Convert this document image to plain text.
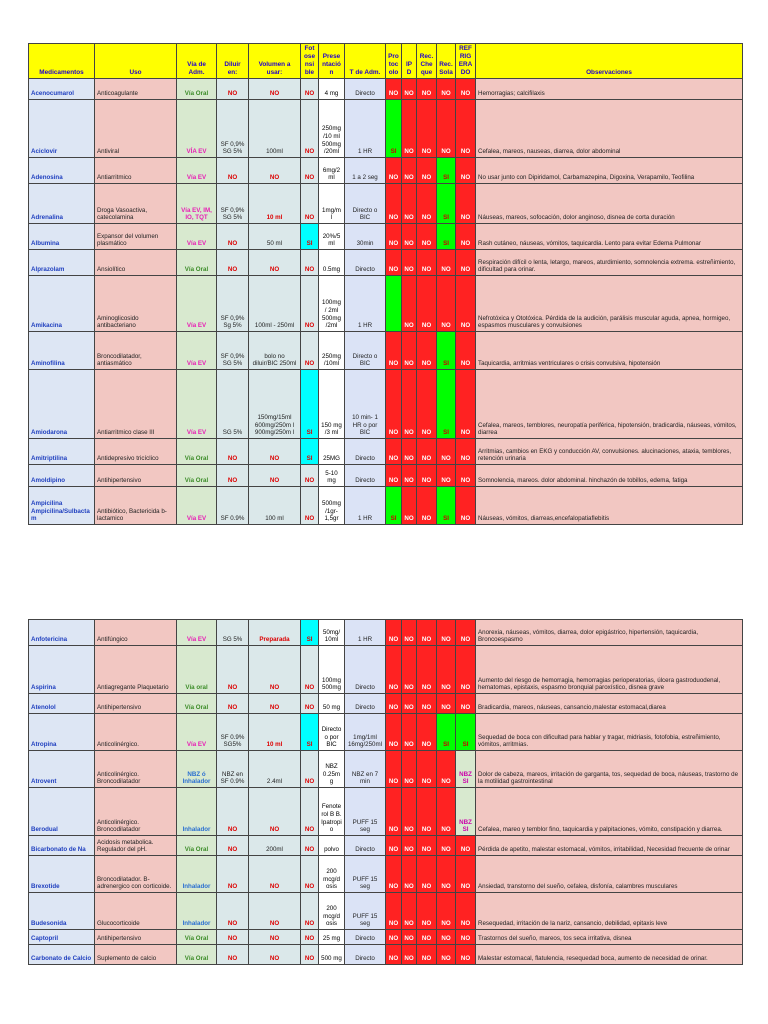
Medicamentos	Uso	Vía de Adm.	Diluir en:	Volumen a usar:	Fotosensible	Presentación	T de Adm.	Protocolo	IPD	Rec. Cheque	Rec. Sola	REFRIGERADO	Observaciones
Acenocumarol	Anticoagulante	Vía Oral	NO	NO	NO	4 mg	Directo	NO	NO	NO	NO	NO	Hemorragias; calcifilaxis
Aciclovir	Antiviral	VÍA EV	SF 0,9% SG 5%	100ml	NO	250mg /10 ml 500mg /20ml	1 HR	SI	NO	NO	NO	NO	Cefalea, mareos, nauseas, diarrea, dolor abdominal
Adenosina	Antiarritmico	Vía EV	NO	NO	NO	6mg/2 ml	1 a 2 seg	NO	NO	NO	SI	NO	No usar junto con Dipiridamol, Carbamazepina, Digoxina, Verapamilo, Teofilina
Adrenalina	Droga Vasoactiva, catecolamina	Vía EV, IM, IO, TQT	SF 0,9% SG 5%	10 ml	NO	1mg/m l	Directo o BIC	NO	NO	NO	SI	NO	Náuseas, mareos, sofocación, dolor anginoso, disnea de corta duración
Albumina	Expansor del volumen plasmático	Vía EV	NO	50 ml	SI	20%/5 ml	30min	NO	NO	NO	SI	NO	Rash cutáneo, náuseas, vómitos, taquicardia. Lento para evitar Edema Pulmonar
Alprazolam	Ansiolítico	Vía Oral	NO	NO	NO	0.5mg	Directo	NO	NO	NO	NO	NO	Respiración difícil o lenta, letargo, mareos, aturdimiento, somnolencia extrema. estreñimiento, dificultad para orinar.
Amikacina	Aminoglicosido antibacteriano	Vía EV	SF 0,9% Sg 5%	100ml - 250ml	NO	100mg / 2ml 500mg /2ml	1 HR		NO	NO	NO	NO	Nefrotóxica y Ototóxica. Pérdida de la audición, parálisis muscular aguda, apnea, hormigeo, espasmos musculares y convulsiones
Aminofilina	Broncodilatador, antiasmático	Vía EV	SF 0,9% SG 5%	bolo no diluir/BIC 250ml	NO	250mg /10ml	Directo o BIC	NO	NO	NO	SI	NO	Taquicardia, arritmias ventriculares o crisis convulsiva, hipotensión
Amiodarona	Antiarritmico clase III	Vía EV	SG 5%	150mg/15ml 600mg/250m l 900mg/250m l	SI	150 mg /3 ml	10 min- 1 HR o por BIC	NO	NO	NO	SI	NO	Cefalea, mareos, temblores, neuropatía periférica, hipotensión, bradicardia, náuseas, vómitos, diarrea
Amitriptilina	Antidepresivo tricíclico	Vía Oral	NO	NO	SI	25MG	Directo	NO	NO	NO	NO	NO	Arritmias, cambios en EKG y conducción AV, convulsiones. alucinaciones, ataxia, temblores, retención urinaria
Amoldipino	Antihipertensivo	Vía Oral	NO	NO	NO	5-10 mg	Directo	NO	NO	NO	NO	NO	Somnolencia, mareos. dolor abdominal. hinchazón de tobillos, edema, fatiga
Ampicilina Ampicilina/Sulbactam	Antibiótico, Bactericida b-lactamico	Vía EV	SF 0.9%	100 ml	NO	500mg /1gr- 1,5gr	1 HR	SI	NO	NO	SI	NO	Náuseas, vómitos, diarreas,encefalopatiaflebitis
Anfotericina	Antifúngico	Vía EV	SG 5%	Preparada	SI	50mg/ 10ml	1 HR	NO	NO	NO	NO	NO	Anorexia, náuseas, vómitos, diarrea, dolor epigástrico, hipertensión, taquicardia, Broncoespasmo
Aspirina	Antiagregante Plaquetario	Vía oral	NO	NO	NO	100mg 500mg	Directo	NO	NO	NO	NO	NO	Aumento del riesgo de hemorragia, hemorragias perioperatorias, úlcera gastroduodenal, hematomas, epistaxis, espasmo bronquial paroxístico, disnea grave
Atenolol	Antihipertensivo	Vía Oral	NO	NO	NO	50 mg	Directo	NO	NO	NO	NO	NO	Bradicardia, mareos, náuseas, cansancio,malestar estomacal,diarea
Atropina	Anticolinérgico.	Vía EV	SF 0.9% SG5%	10 ml	SI	Directo o por BIC	1mg/1ml 16mg/250ml	NO	NO	NO	SI	SI	Sequedad de boca con dificultad para hablar y tragar, midriasis, fotofobia, estreñimiento, vómitos, arritmias.
Atrovent	Anticolinérgico. Broncodilatador	NBZ ó Inhalador	NBZ en SF 0.9%	2.4ml	NO	NBZ 0.25m g	NBZ en 7 min	NO	NO	NO	NO	NBZ SI	Dolor de cabeza, mareos, irritación de garganta, tos, sequedad de boca, náuseas, trastorno de la motilidad gastrointestinal
Berodual	Anticolinérgico. Broncodilatador	Inhalador	NO	NO	NO	Fenoterol B B. Ipatropio	PUFF 15 seg	NO	NO	NO	NO	NBZ SI	Cefalea, mareo y temblor fino, taquicardia y palpitaciones, vómito, constipación y diarrea.
Bicarbonato de Na	Acidosis metabolica. Regulador del pH.	Vía Oral	NO	200ml	NO	polvo	Directo	NO	NO	NO	NO	NO	Pérdida de apetito, malestar estomacal, vómitos, irritabilidad, Necesidad frecuente de orinar
Brexotide	Broncodilatador. B-adrenergico con corticoide.	Inhalador	NO	NO	NO	200 mcg/d osis	PUFF 15 seg	NO	NO	NO	NO	NO	Ansiedad, transtorno del sueño, cefalea, disfonía, calambres musculares
Budesonida	Glucocorticoide	Inhalador	NO	NO	NO	200 mcg/d osis	PUFF 15 seg	NO	NO	NO	NO	NO	Resequedad, irritación de la nariz, cansancio, debilidad, epitaxis leve
Captopril	Antihipertensivo	Vía Oral	NO	NO	NO	25 mg	Directo	NO	NO	NO	NO	NO	Trastornos del sueño, mareos, tos seca irritativa, disnea
Carbonato de Calcio	Suplemento de calcio	Vía Oral	NO	NO	NO	500 mg	Directo	NO	NO	NO	NO	NO	Malestar estomacal, flatulencia, resequedad boca, aumento de necesidad de orinar.
